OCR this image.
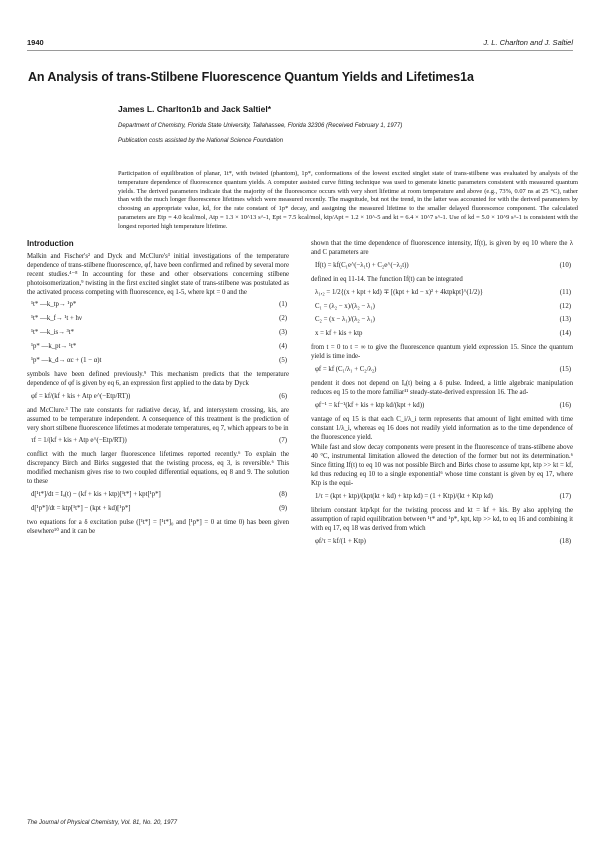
1940	J. L. Charlton and J. Saltiel
An Analysis of trans-Stilbene Fluorescence Quantum Yields and Lifetimes1a
James L. Charlton1b and Jack Saltiel*
Department of Chemistry, Florida State University, Tallahassee, Florida 32306 (Received February 1, 1977)
Publication costs assisted by the National Science Foundation
Participation of equilibration of planar, 1t*, with twisted (phantom), 1p*, conformations of the lowest excited singlet state of trans-stilbene was evaluated by analysis of the temperature dependence of fluorescence quantum yields. A computer assisted curve fitting technique was used to generate kinetic parameters consistent with measured quantum yields. The derived parameters indicate that the majority of the fluorescence occurs with very short lifetime at room temperature and above (e.g., 73%, 0.07 ns at 25 °C), rather than with the much longer fluorescence lifetimes which were measured recently. The magnitude, but not the trend, in the latter was accounted for with the derived parameters by choosing an appropriate value, kd, for the rate constant of 1p* decay, and assigning the measured lifetime to the smaller delayed fluorescence component. The calculated parameters are Etp = 4.0 kcal/mol, Atp = 1.3 × 10^13 s^-1, Ept = 7.5 kcal/mol, ktp/Apt = 1.2 × 10^-5 and kt = 6.4 × 10^7 s^-1. Use of kd = 5.0 × 10^9 s^-1 is consistent with the longest reported high temperature lifetime.
Introduction

Malkin and Fischer's² and Dyck and McClure's³ initial investigations of the temperature dependence of trans-stilbene fluorescence, φf, have been confirmed and refined by several more recent studies.⁴⁻⁸ In accounting for these and other observations concerning stilbene photoisomerization,⁹ twisting in the first excited singlet state of trans-stilbene was postulated as the activated process competing with fluorescence, eq 1-5, where kpt = 0 and the

¹t* —k_tp→ ¹p*	(1)
¹t* —k_f→ ¹t + hν	(2)
¹t* —k_is→ ³t*	(3)
¹p* —k_pt→ ¹t*	(4)
¹p* —k_d→ αc + (1 − α)t	(5)

symbols have been defined previously.⁹ This mechanism predicts that the temperature dependence of φf is given by eq 6, an expression first applied to the data by Dyck

φf = kf/(kf + kis + Atp e^(−Etp/RT))	(6)

and McClure.³ The rate constants for radiative decay, kf, and intersystem crossing, kis, are assumed to be temperature independent. A consequence of this treatment is the prediction of very short stilbene fluorescence lifetimes at moderate temperatures, eq 7, which appears to be in

τf = 1/(kf + kis + Atp e^(−Etp/RT))	(7)

conflict with the much larger fluorescence lifetimes reported recently.⁶ To explain the discrepancy Birch and Birks suggested that the twisting process, eq 3, is reversible.⁶ This modified mechanism gives rise to two coupled differential equations, eq 8 and 9. The solution to these

d[¹t*]/dt = Iₐ(t) − (kf + kis + ktp)[¹t*] + kpt[¹p*]	(8)
d[¹p*]/dt = ktp[¹t*] − (kpt + kd)[¹p*]	(9)

two equations for a δ excitation pulse ([¹t*] = [¹t*]₀ and [¹p*] = 0 at time 0) has been given elsewhere¹⁰ and it can be

shown that the time dependence of fluorescence intensity, If(t), is given by eq 10 where the λ and C parameters are

If(t) = kf(C₁e^(−λ₁t) + C₂e^(−λ₂t))	(10)

defined in eq 11-14. The function If(t) can be integrated

λ₁,₂ = 1/2{(x + kpt + kd) ∓ [(kpt + kd − x)² + 4ktpkpt]^(1/2)}	(11)
C₁ = (λ₂ − x)/(λ₂ − λ₁)	(12)
C₂ = (x − λ₁)/(λ₂ − λ₁)	(13)
x = kf + kis + ktp	(14)

from t = 0 to t = ∞ to give the fluorescence quantum yield expression 15. Since the quantum yield is time inde-

φf = kf (C₁/λ₁ + C₂/λ₂)	(15)

pendent it does not depend on Iₐ(t) being a δ pulse. Indeed, a little algebraic manipulation reduces eq 15 to the more familiar¹¹ steady-state-derived expression 16. The ad-

φf⁻¹ = kf⁻¹(kf + kis + ktp kd/(kpt + kd))	(16)

vantage of eq 15 is that each C_i/λ_i term represents that amount of light emitted with time constant 1/λ_i, whereas eq 16 does not readily yield information as to the time dependence of the fluorescence yield.

While fast and slow decay components were present in the fluorescence of trans-stilbene above 40 °C, instrumental limitation allowed the detection of the former but not its determination.⁶ Since fitting If(t) to eq 10 was not possible Birch and Birks chose to assume kpt, ktp >> kt = kf, kd thus reducing eq 10 to a single exponential⁶ whose time constant is given by eq 17, where Ktp is the equi-

1/τ = (kpt + ktp)/(kpt(kt + kd) + ktp kd) = (1 + Ktp)/(kt + Ktp kd)	(17)

librium constant ktp/kpt for the twisting process and kt = kf + kis. By also applying the assumption of rapid equilibration between ¹t* and ¹p*, kpt, ktp >> kd, to eq 16 and combining it with eq 17, eq 18 was derived from which

φf/τ = kf/(1 + Ktp)	(18)
The Journal of Physical Chemistry, Vol. 81, No. 20, 1977
